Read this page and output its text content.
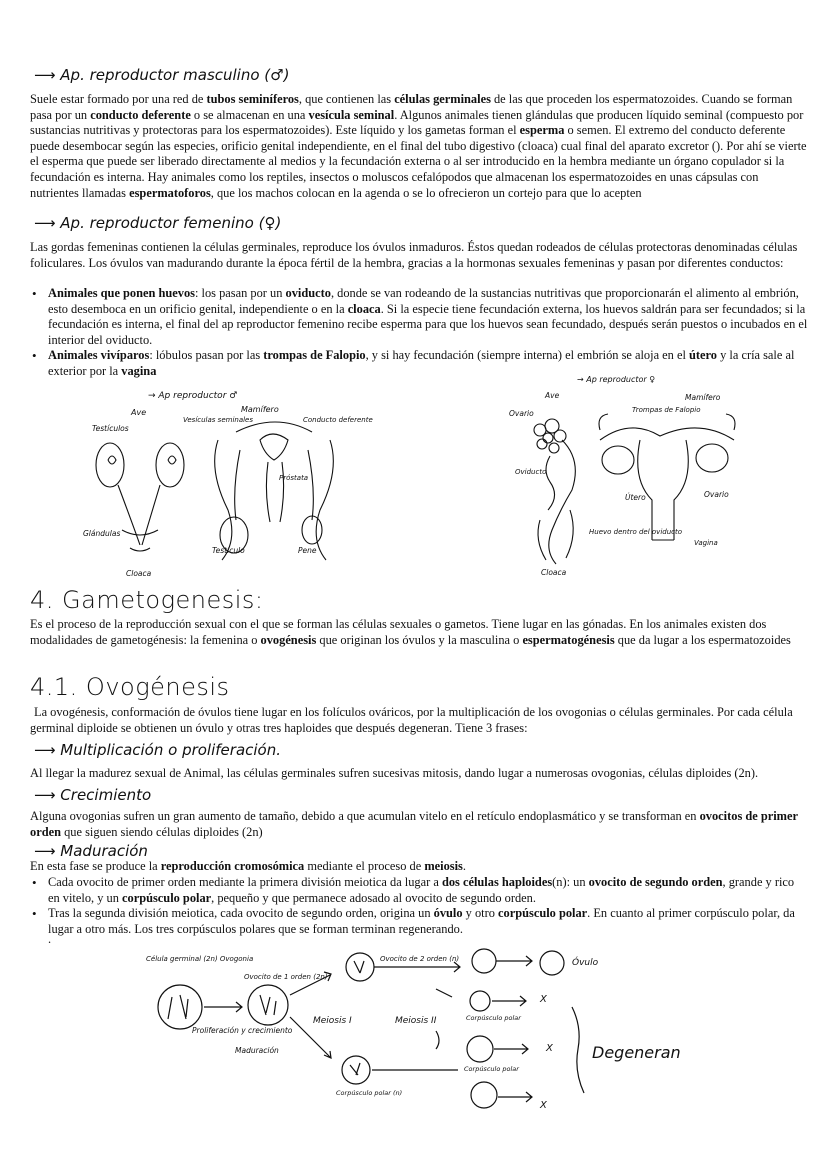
⟶ Ap. reproductor masculino (♂)

Suele estar formado por una red de tubos seminíferos, que contienen las células germinales de las que proceden los espermatozoides. Cuando se forman pasa por un conducto deferente o se almacenan en una vesícula seminal. Algunos animales tienen glándulas que producen líquido seminal (compuesto por sustancias nutritivas y protectoras para los espermatozoides). Este líquido y los gametas forman el esperma o semen. El extremo del conducto deferente puede desembocar según las especies, orificio genital independiente, en el final del tubo digestivo (cloaca) cual final del aparato excretor (). Por ahí se vierte el esperma que puede ser liberado directamente al medios y la fecundación externa o al ser introducido en la hembra mediante un órgano copulador si la fecundación es interna. Hay animales como los reptiles, insectos o moluscos cefalópodos que almacenan los espermatozoides en unas cápsulas con nutrientes llamadas espermatoforos, que los machos colocan en la agenda o se lo ofrecieron un cortejo para que lo acepten

⟶ Ap. reproductor femenino (♀)

Las gordas femeninas contienen la células germinales, reproduce los óvulos inmaduros. Éstos quedan rodeados de células protectoras denominadas células foliculares. Los óvulos van madurando durante la época fértil de la hembra, gracias a la hormonas sexuales femeninas y pasan por diferentes conductos:

• Animales que ponen huevos: los pasan por un oviducto, donde se van rodeando de la sustancias nutritivas que proporcionarán el alimento al embrión, esto desemboca en un orificio genital, independiente o en la cloaca. Si la especie tiene fecundación externa, los huevos saldrán para ser fecundados; si la fecundación es interna, el final del ap reproductor femenino recibe esperma para que los huevos sean fecundado, después serán puestos o incubados en el interior del oviducto.
• Animales vivíparos: lóbulos pasan por las trompas de Falopio, y si hay fecundación (siempre interna) el embrión se aloja en el útero y la cría sale al exterior por la vagina
→ Ap reproductor ♂
Ave	Mamífero
Testículos
Vesículas seminales	Conducto deferente
Próstata
Glándulas
Testículo	Pene
Cloaca
→ Ap reproductor ♀
Ave	Mamífero
Ovario	Trompas de Falopio
Oviducto
Útero	Ovario
Huevo dentro del oviducto
Vagina
Cloaca
4. Gametogenesis:

Es el proceso de la reproducción sexual con el que se forman las células sexuales o gametos. Tiene lugar en las gónadas. En los animales existen dos modalidades de gametogénesis: la femenina o ovogénesis que originan los óvulos y la masculina o espermatogénesis que da lugar a los espermatozoides

4.1. Ovogénesis

La ovogénesis, conformación de óvulos tiene lugar en los folículos ováricos, por la multiplicación de los ovogonias o células germinales. Por cada célula germinal diploide se obtienen un óvulo y otras tres haploides que después degeneran. Tiene 3 frases:

⟶ Multiplicación o proliferación.

Al llegar la madurez sexual de Animal, las células germinales sufren sucesivas mitosis, dando lugar a numerosas ovogonias, células diploides (2n).

⟶ Crecimiento

Alguna ovogonias sufren un gran aumento de tamaño, debido a que acumulan vitelo en el retículo endoplasmático y se transforman en ovocitos de primer orden que siguen siendo células diploides (2n)

⟶ Maduración

En esta fase se produce la reproducción cromosómica mediante el proceso de meiosis.

• Cada ovocito de primer orden mediante la primera división meiotica da lugar a dos células haploides(n): un ovocito de segundo orden, grande y rico en vitelo, y un corpúsculo polar, pequeño y que permanece adosado al ovocito de segundo orden.
• Tras la segunda división meiotica, cada ovocito de segundo orden, origina un óvulo y otro corpúsculo polar. En cuanto al primer corpúsculo polar, da lugar a otro más. Los tres corpúsculos polares que se forman terminan regenerando.
.
Célula germinal (2n) Ovogonia
Ovocito de 1 orden (2n)
Ovocito de 2 orden (n)	Óvulo
Proliferación y crecimiento
Meiosis I	Meiosis II
Maduración
Corpúsculo polar
Corpúsculo polar
Corpúsculo polar (n)
X
X
X
Degeneran
